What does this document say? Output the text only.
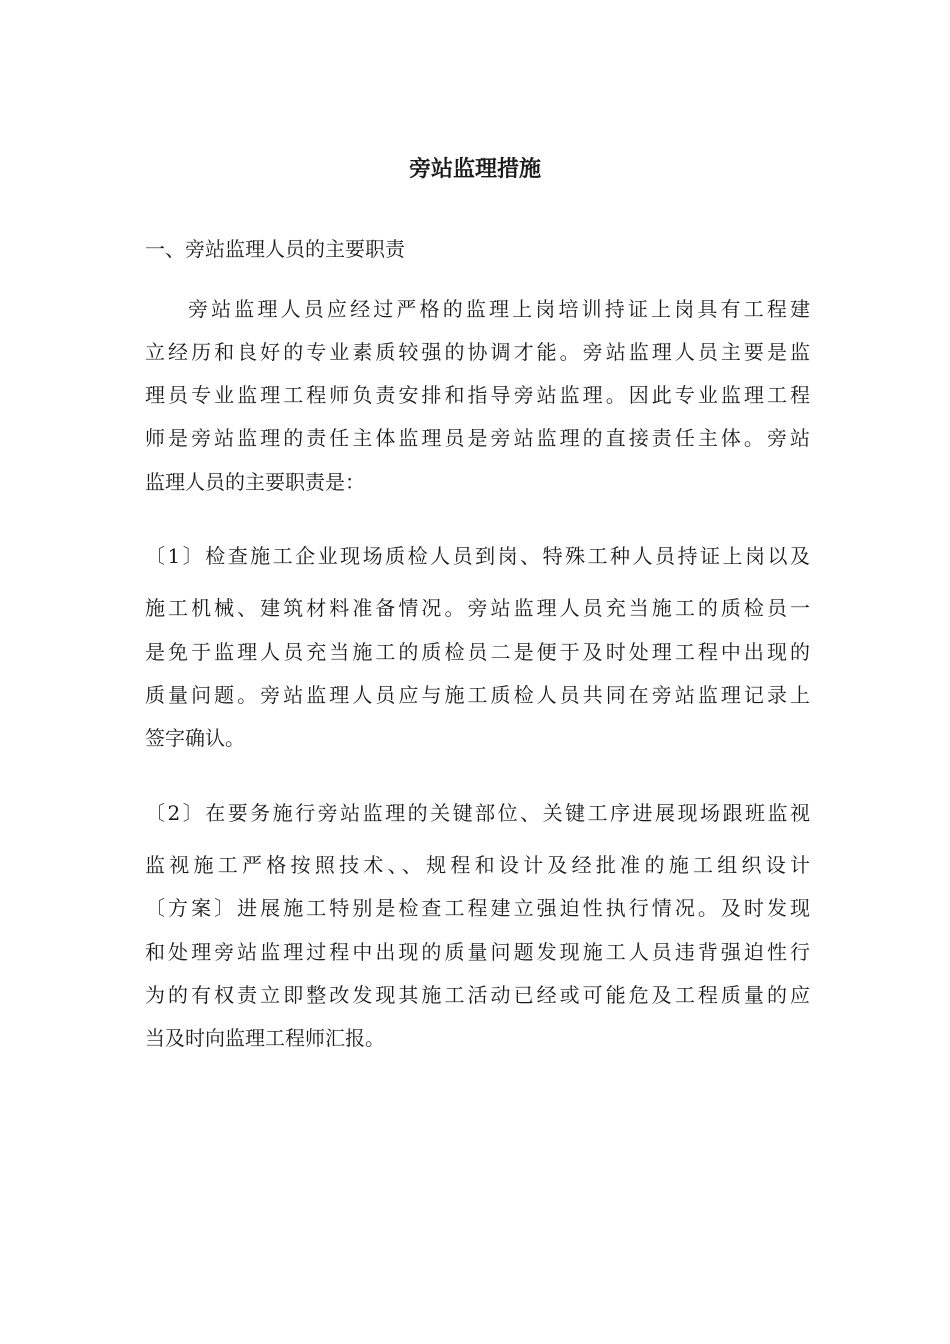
旁站监理措施

一、旁站监理人员的主要职责

旁站监理人员应经过严格的监理上岗培训持证上岗具有工程建

立经历和良好的专业素质较强的协调才能。旁站监理人员主要是监

理员专业监理工程师负责安排和指导旁站监理。因此专业监理工程

师是旁站监理的责任主体监理员是旁站监理的直接责任主体。旁站

监理人员的主要职责是：

〔1〕检查施工企业现场质检人员到岗、特殊工种人员持证上岗以及

施工机械、建筑材料准备情况。旁站监理人员充当施工的质检员一

是免于监理人员充当施工的质检员二是便于及时处理工程中出现的

质量问题。旁站监理人员应与施工质检人员共同在旁站监理记录上

签字确认。

〔2〕在要务施行旁站监理的关键部位、关键工序进展现场跟班监视

监视施工严格按照技术、、规程和设计及经批准的施工组织设计

〔方案〕进展施工特别是检查工程建立强迫性执行情况。及时发现

和处理旁站监理过程中出现的质量问题发现施工人员违背强迫性行

为的有权责立即整改发现其施工活动已经或可能危及工程质量的应

当及时向监理工程师汇报。
